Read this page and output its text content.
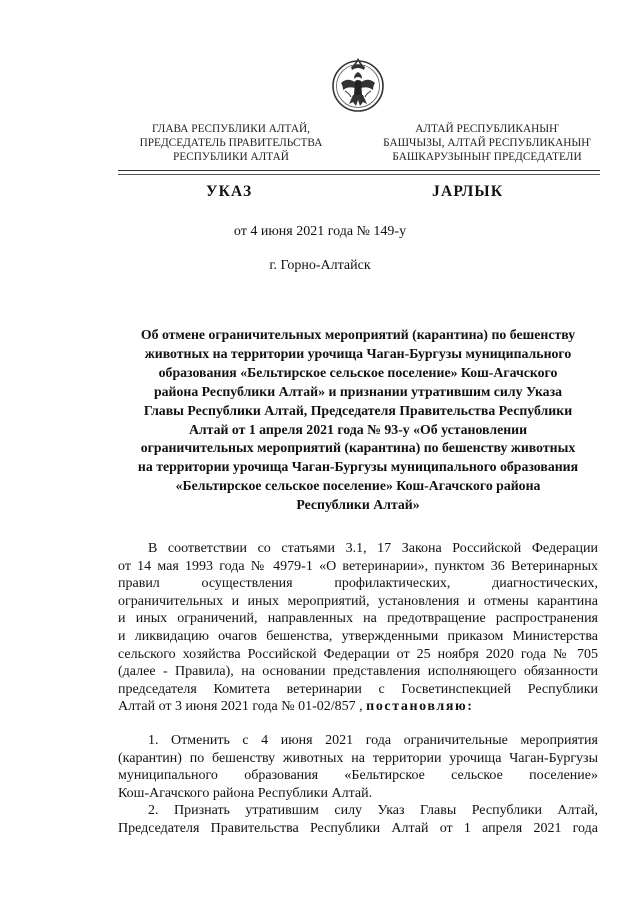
ГЛАВА РЕСПУБЛИКИ АЛТАЙ,
ПРЕДСЕДАТЕЛЬ ПРАВИТЕЛЬСТВА
РЕСПУБЛИКИ АЛТАЙ
АЛТАЙ РЕСПУБЛИКАНЫҤ
БАШЧЫЗЫ, АЛТАЙ РЕСПУБЛИКАНЫҤ
БАШКАРУЗЫНЫҤ ПРЕДСЕДАТЕЛИ
УКАЗ	ЈАРЛЫК
от 4 июня 2021 года № 149-у
г. Горно-Алтайск
Об отмене ограничительных мероприятий (карантина) по бешенству
животных на территории урочища Чаган-Бургузы муниципального
образования «Бельтирское сельское поселение» Кош-Агачского
района Республики Алтай» и признании утратившим силу Указа
Главы Республики Алтай, Председателя Правительства Республики
Алтай от 1 апреля 2021 года № 93-у «Об установлении
ограничительных мероприятий (карантина) по бешенству животных
на территории урочища Чаган-Бургузы муниципального образования
«Бельтирское сельское поселение» Кош-Агачского района
Республики Алтай»
В соответствии со статьями 3.1, 17 Закона Российской Федерации
от 14 мая 1993 года № 4979-1 «О ветеринарии», пунктом 36 Ветеринарных
правил осуществления профилактических, диагностических,
ограничительных и иных мероприятий, установления и отмены карантина
и иных ограничений, направленных на предотвращение распространения
и ликвидацию очагов бешенства, утвержденными приказом Министерства
сельского хозяйства Российской Федерации от 25 ноября 2020 года № 705
(далее - Правила), на основании представления исполняющего обязанности
председателя Комитета ветеринарии с Госветинспекцией Республики
Алтай от 3 июня 2021 года № 01-02/857 , постановляю:
1. Отменить с 4 июня 2021 года ограничительные мероприятия
(карантин) по бешенству животных на территории урочища Чаган-Бургузы
муниципального образования «Бельтирское сельское поселение»
Кош-Агачского района Республики Алтай.
2. Признать утратившим силу Указ Главы Республики Алтай,
Председателя Правительства Республики Алтай от 1 апреля 2021 года
